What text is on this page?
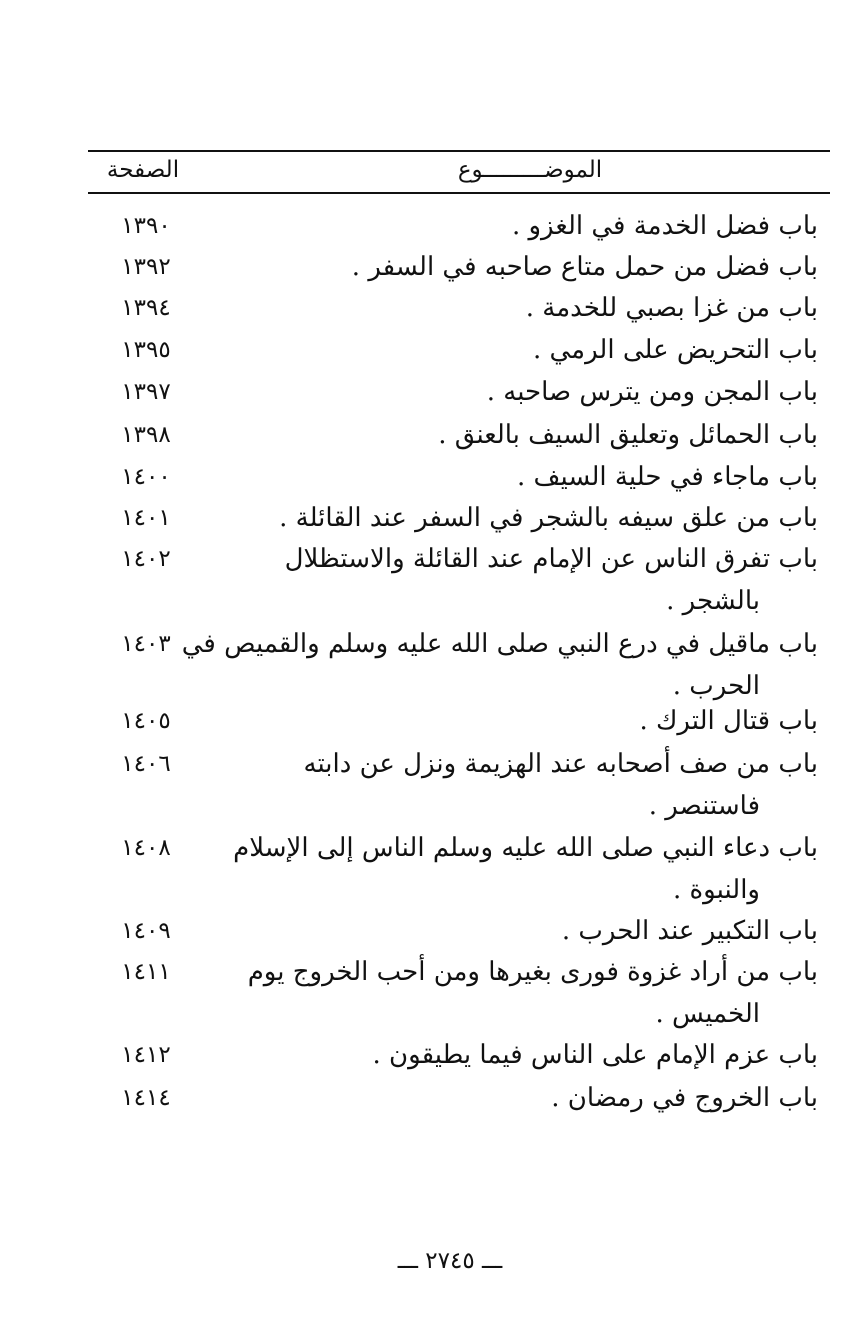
الموضـــــــــوع
الصفحة
باب فضل الخدمة في الغزو .
١٣٩٠
باب فضل من حمل متاع صاحبه في السفر .
١٣٩٢
باب من غزا بصبي للخدمة .
١٣٩٤
باب التحريض على الرمي .
١٣٩٥
باب المجن ومن يترس صاحبه .
١٣٩٧
باب الحمائل وتعليق السيف بالعنق .
١٣٩٨
باب ماجاء في حلية السيف .
١٤٠٠
باب من علق سيفه بالشجر في السفر عند القائلة .
١٤٠١
باب تفرق الناس عن الإمام عند القائلة والاستظلال
بالشجر .
١٤٠٢
باب ماقيل في درع النبي صلى الله عليه وسلم والقميص في
الحرب .
١٤٠٣
باب قتال الترك .
١٤٠٥
باب من صف أصحابه عند الهزيمة ونزل عن دابته
فاستنصر .
١٤٠٦
باب دعاء النبي صلى الله عليه وسلم الناس إلى الإسلام
والنبوة .
١٤٠٨
باب التكبير عند الحرب .
١٤٠٩
باب من أراد غزوة فورى بغيرها ومن أحب الخروج يوم
الخميس .
١٤١١
باب عزم الإمام على الناس فيما يطيقون .
١٤١٢
باب الخروج في رمضان .
١٤١٤
ـــ ٢٧٤٥ ـــ
